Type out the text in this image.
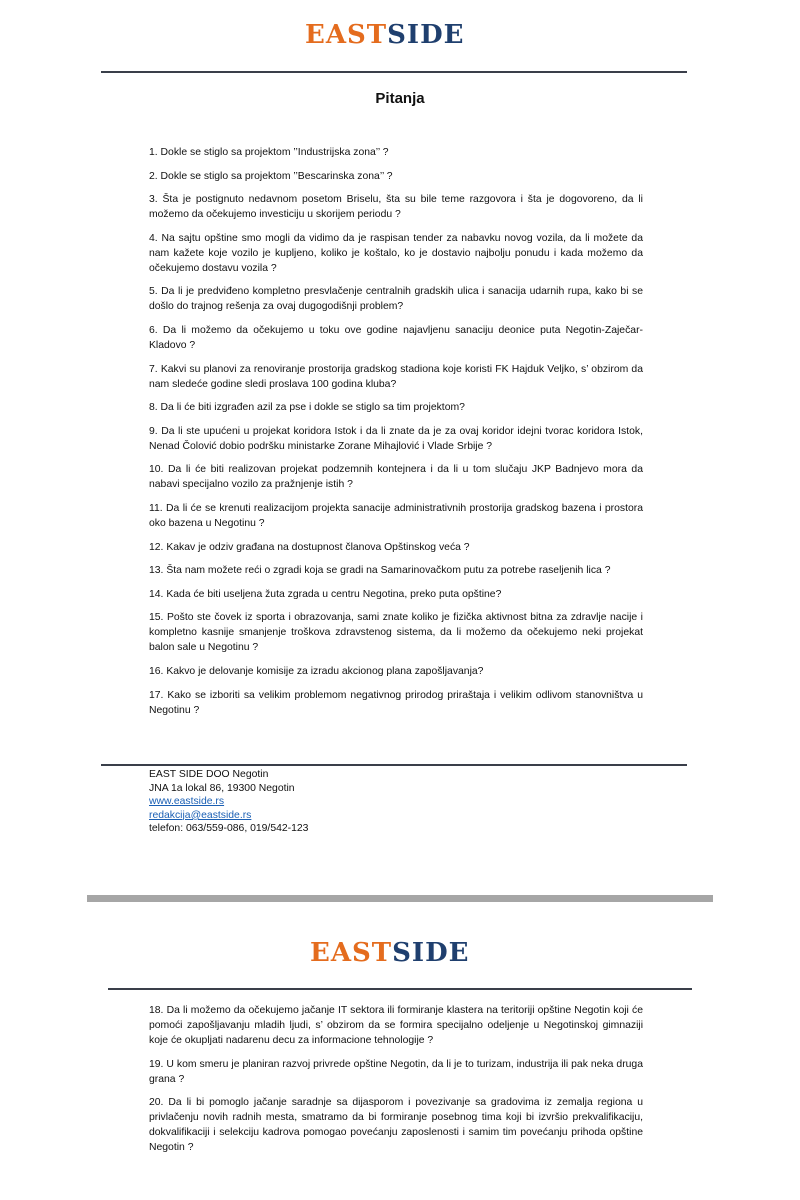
EASTSIDE
Pitanja

1. Dokle se stiglo sa projektom ’’Industrijska zona’’ ?

2. Dokle se stiglo sa projektom ’’Bescarinska zona’’ ?

3. Šta je postignuto nedavnom posetom Briselu, šta su bile teme razgovora i šta je dogovoreno, da li možemo da očekujemo investiciju u skorijem periodu ?

4. Na sajtu opštine smo mogli da vidimo da je raspisan tender za nabavku novog vozila, da li možete da nam kažete koje vozilo je kupljeno, koliko je koštalo, ko je dostavio najbolju ponudu i kada možemo da očekujemo dostavu vozila ?

5. Da li je predviđeno kompletno presvlačenje centralnih gradskih ulica i sanacija udarnih rupa, kako bi se došlo do trajnog rešenja za ovaj dugogodišnji problem?

6. Da li možemo da očekujemo u toku ove godine najavljenu sanaciju deonice puta Negotin-Zaječar-Kladovo ?

7. Kakvi su planovi za renoviranje prostorija gradskog stadiona koje koristi FK Hajduk Veljko, s’ obzirom da nam sledeće godine sledi proslava 100 godina kluba?

8. Da li će biti izgrađen azil za pse i dokle se stiglo sa tim projektom?

9. Da li ste upućeni u projekat koridora Istok i da li znate da je za ovaj koridor idejni tvorac koridora Istok, Nenad Čolović dobio podršku ministarke Zorane Mihajlović i Vlade Srbije ?

10. Da li će biti realizovan projekat podzemnih kontejnera i da li u tom slučaju JKP Badnjevo mora da nabavi specijalno vozilo za pražnjenje istih ?

11. Da li će se krenuti realizacijom projekta sanacije administrativnih prostorija gradskog bazena i prostora oko bazena u Negotinu ?

12. Kakav je odziv građana na dostupnost članova Opštinskog veća ?

13. Šta nam možete reći o zgradi koja se gradi na Samarinovačkom putu za potrebe raseljenih lica ?

14. Kada će biti useljena žuta zgrada u centru Negotina, preko puta opštine?

15. Pošto ste čovek iz sporta i obrazovanja, sami znate koliko je fizička aktivnost bitna za zdravlje nacije i kompletno kasnije smanjenje troškova zdravstenog sistema, da li možemo da očekujemo neki projekat balon sale u Negotinu ?

16. Kakvo je delovanje komisije za izradu akcionog plana zapošljavanja?

17. Kako se izboriti sa velikim problemom negativnog prirodog priraštaja i velikim odlivom stanovništva u Negotinu ?

EAST SIDE DOO Negotin
JNA 1a lokal 86, 19300 Negotin
www.eastside.rs
redakcija@eastside.rs
telefon: 063/559-086, 019/542-123
EASTSIDE

18. Da li možemo da očekujemo jačanje IT sektora ili formiranje klastera na teritoriji opštine Negotin koji će pomoći zapošljavanju mladih ljudi, s’ obzirom da se formira specijalno odeljenje u Negotinskoj gimnaziji koje će okupljati nadarenu decu za informacione tehnologije ?

19. U kom smeru je planiran razvoj privrede opštine Negotin, da li je to turizam, industrija ili pak neka druga grana ?

20. Da li bi pomoglo jačanje saradnje sa dijasporom i povezivanje sa gradovima iz zemalja regiona u privlačenju novih radnih mesta, smatramo da bi formiranje posebnog tima koji bi izvršio prekvalifikaciju, dokvalifikaciji i selekciju kadrova pomogao povećanju zaposlenosti i samim tim povećanju prihoda opštine Negotin ?
